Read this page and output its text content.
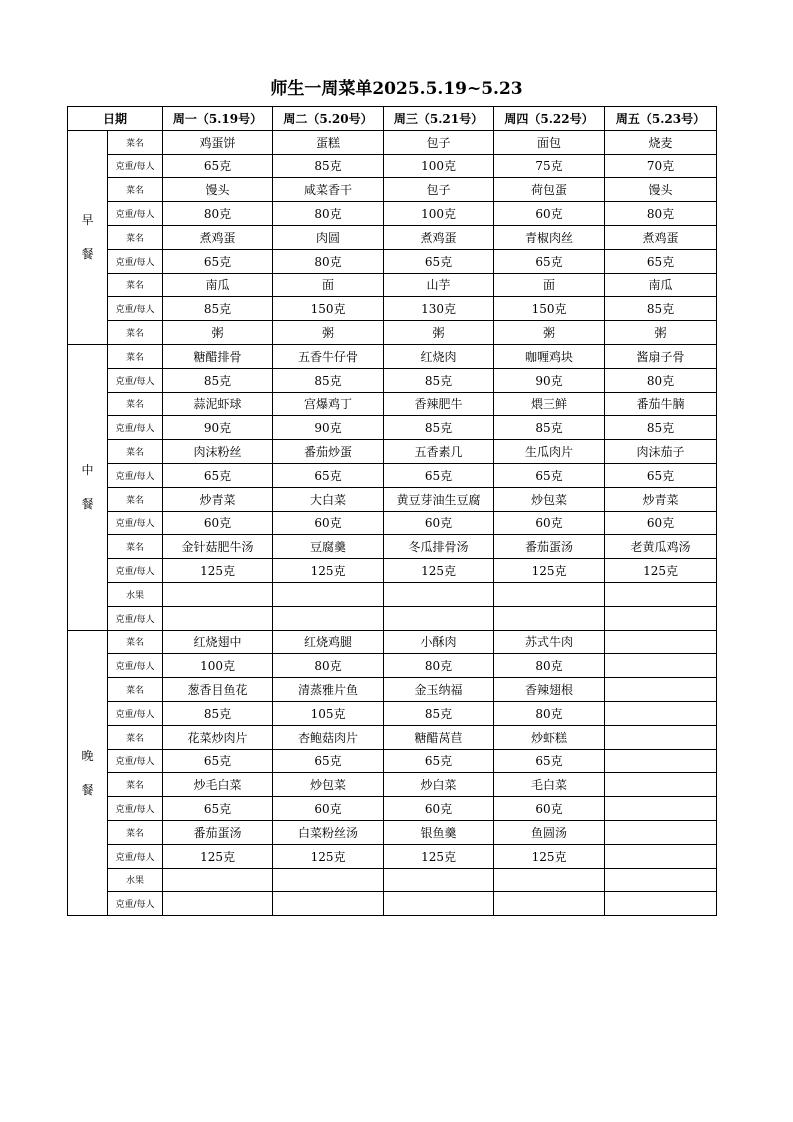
师生一周菜单2025.5.19~5.23
日期		周一（5.19号）	周二（5.20号）	周三（5.21号）	周四（5.22号）	周五（5.23号）

早
餐	菜名	鸡蛋饼	蛋糕	包子	面包	烧麦
	克重/每人	65克	85克	100克	75克	70克
	菜名	馒头	咸菜香干	包子	荷包蛋	馒头
	克重/每人	80克	80克	100克	60克	80克
	菜名	煮鸡蛋	肉圆	煮鸡蛋	青椒肉丝	煮鸡蛋
	克重/每人	65克	80克	65克	65克	65克
	菜名	南瓜	面	山芋	面	南瓜
	克重/每人	85克	150克	130克	150克	85克
	菜名	粥	粥	粥	粥	粥

中
餐	菜名	糖醋排骨	五香牛仔骨	红烧肉	咖喱鸡块	酱扇子骨
	克重/每人	85克	85克	85克	90克	80克
	菜名	蒜泥虾球	宫爆鸡丁	香辣肥牛	煨三鲜	番茄牛腩
	克重/每人	90克	90克	85克	85克	85克
	菜名	肉沫粉丝	番茄炒蛋	五香素几	生瓜肉片	肉沫茄子
	克重/每人	65克	65克	65克	65克	65克
	菜名	炒青菜	大白菜	黄豆芽油生豆腐	炒包菜	炒青菜
	克重/每人	60克	60克	60克	60克	60克
	菜名	金针菇肥牛汤	豆腐羹	冬瓜排骨汤	番茄蛋汤	老黄瓜鸡汤
	克重/每人	125克	125克	125克	125克	125克
	水果					
	克重/每人					

晚
餐	菜名	红烧翅中	红烧鸡腿	小酥肉	苏式牛肉	
	克重/每人	100克	80克	80克	80克	
	菜名	葱香目鱼花	清蒸雅片鱼	金玉纳福	香辣翅根	
	克重/每人	85克	105克	85克	80克	
	菜名	花菜炒肉片	杏鲍菇肉片	糖醋莴苣	炒虾糕	
	克重/每人	65克	65克	65克	65克	
	菜名	炒毛白菜	炒包菜	炒白菜	毛白菜	
	克重/每人	65克	60克	60克	60克	
	菜名	番茄蛋汤	白菜粉丝汤	银鱼羹	鱼圆汤	
	克重/每人	125克	125克	125克	125克	
	水果					
	克重/每人					
